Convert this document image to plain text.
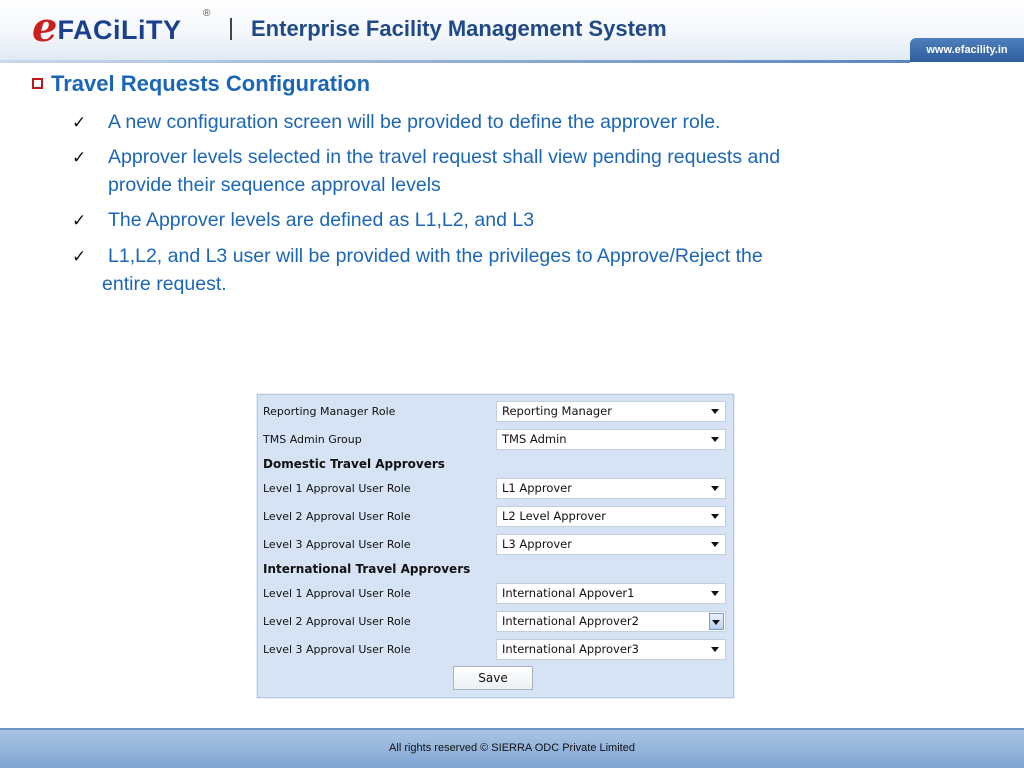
eFACiLiTY
®
Enterprise Facility Management System
www.efacility.in
Travel Requests Configuration
✓ A new configuration screen will be provided to define the approver role.
✓ Approver levels selected in the travel request shall view pending requests and
provide their sequence approval levels
✓ The Approver levels are defined as L1,L2, and L3
✓ L1,L2, and L3 user will be provided with the privileges to Approve/Reject the
entire request.
Reporting Manager Role	Reporting Manager
TMS Admin Group	TMS Admin
Domestic Travel Approvers
Level 1 Approval User Role	L1 Approver
Level 2 Approval User Role	L2 Level Approver
Level 3 Approval User Role	L3 Approver
International Travel Approvers
Level 1 Approval User Role	International Appover1
Level 2 Approval User Role	International Approver2
Level 3 Approval User Role	International Approver3
Save
All rights reserved © SIERRA ODC Private Limited
